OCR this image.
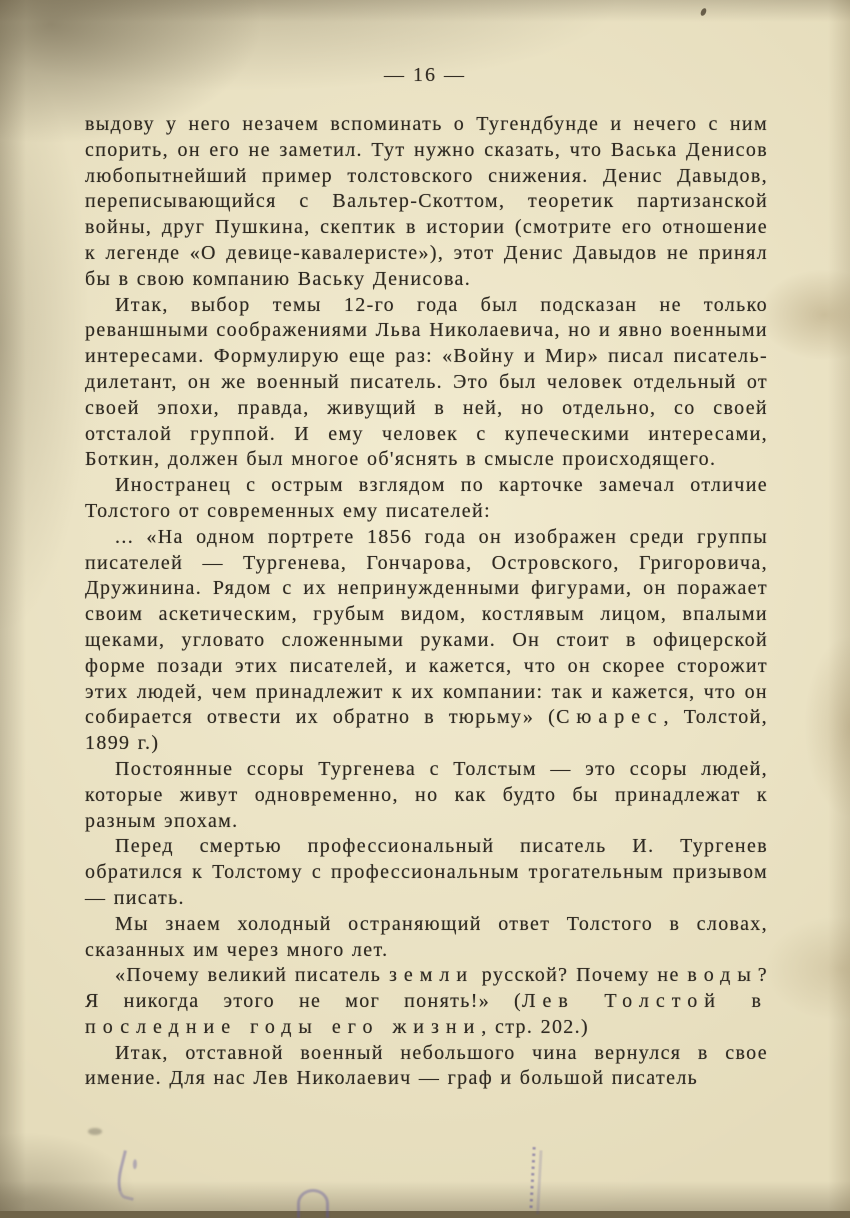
— 16 —

выдову у него незачем вспоминать о Тугендбунде и нечего с ним спорить, он его не заметил. Тут нужно сказать, что Васька Денисов любопытнейший пример толстовского снижения. Денис Давыдов, переписывающийся с Вальтер-Скоттом, теоретик партизанской войны, друг Пушкина, скептик в истории (смотрите его отношение к легенде «О девице-кавалеристе»), этот Денис Давыдов не принял бы в свою компанию Ваську Денисова.

Итак, выбор темы 12-го года был подсказан не только реваншными соображениями Льва Николаевича, но и явно военными интересами. Формулирую еще раз: «Войну и Мир» писал писатель-дилетант, он же военный писатель. Это был человек отдельный от своей эпохи, правда, живущий в ней, но отдельно, со своей отсталой группой. И ему человек с купеческими интересами, Боткин, должен был многое об'яснять в смысле происходящего.

Иностранец с острым взглядом по карточке замечал отличие Толстого от современных ему писателей:

... «На одном портрете 1856 года он изображен среди группы писателей — Тургенева, Гончарова, Островского, Григоровича, Дружинина. Рядом с их непринужденными фигурами, он поражает своим аскетическим, грубым видом, костлявым лицом, впалыми щеками, угловато сложенными руками. Он стоит в офицерской форме позади этих писателей, и кажется, что он скорее сторожит этих людей, чем принадлежит к их компании: так и кажется, что он собирается отвести их обратно в тюрьму» (Сюарес, Толстой, 1899 г.)

Постоянные ссоры Тургенева с Толстым — это ссоры людей, которые живут одновременно, но как будто бы принадлежат к разным эпохам.

Перед смертью профессиональный писатель И. Тургенев обратился к Толстому с профессиональным трогательным призывом — писать.

Мы знаем холодный остраняющий ответ Толстого в словах, сказанных им через много лет.

«Почему великий писатель земли русской? Почему не воды? Я никогда этого не мог понять!» (Лев Толстой в последние годы его жизни, стр. 202.)

Итак, отставной военный небольшого чина вернулся в свое имение. Для нас Лев Николаевич — граф и большой писатель
